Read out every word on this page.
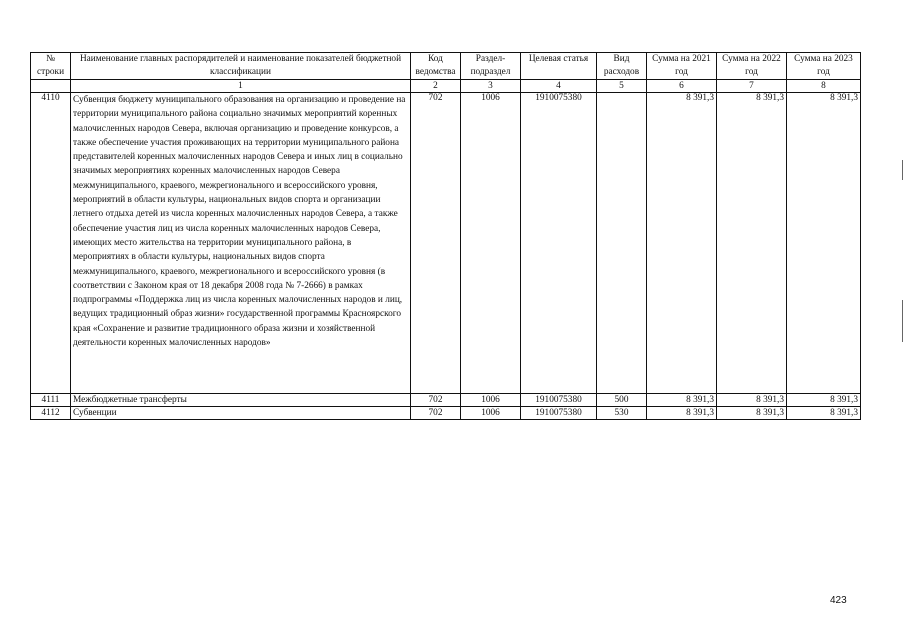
№ строки	Наименование главных распорядителей и наименование показателей бюджетной классификации	Код ведомства	Раздел-подраздел	Целевая статья	Вид расходов	Сумма на 2021 год	Сумма на 2022 год	Сумма на 2023 год
	1	2	3	4	5	6	7	8
4110	Субвенция бюджету муниципального образования на организацию и проведение на территории муниципального района социально значимых мероприятий коренных малочисленных народов Севера, включая организацию и проведение конкурсов, а также обеспечение участия проживающих на территории муниципального района представителей коренных малочисленных народов Севера и иных лиц в социально значимых мероприятиях коренных малочисленных народов Севера межмуниципального, краевого, межрегионального и всероссийского уровня, мероприятий в области культуры, национальных видов спорта и организации летнего отдыха детей из числа коренных малочисленных народов Севера, а также обеспечение участия лиц из числа коренных малочисленных народов Севера, имеющих место жительства на территории муниципального района, в мероприятиях в области культуры, национальных видов спорта межмуниципального, краевого, межрегионального и всероссийского уровня (в соответствии с Законом края от 18 декабря 2008 года № 7-2666) в рамках подпрограммы «Поддержка лиц из числа коренных малочисленных народов и лиц, ведущих традиционный образ жизни» государственной программы Красноярского края «Сохранение и развитие традиционного образа жизни и хозяйственной деятельности коренных малочисленных народов»	702	1006	1910075380		8 391,3	8 391,3	8 391,3
4111	Межбюджетные трансферты	702	1006	1910075380	500	8 391,3	8 391,3	8 391,3
4112	Субвенции	702	1006	1910075380	530	8 391,3	8 391,3	8 391,3
423
